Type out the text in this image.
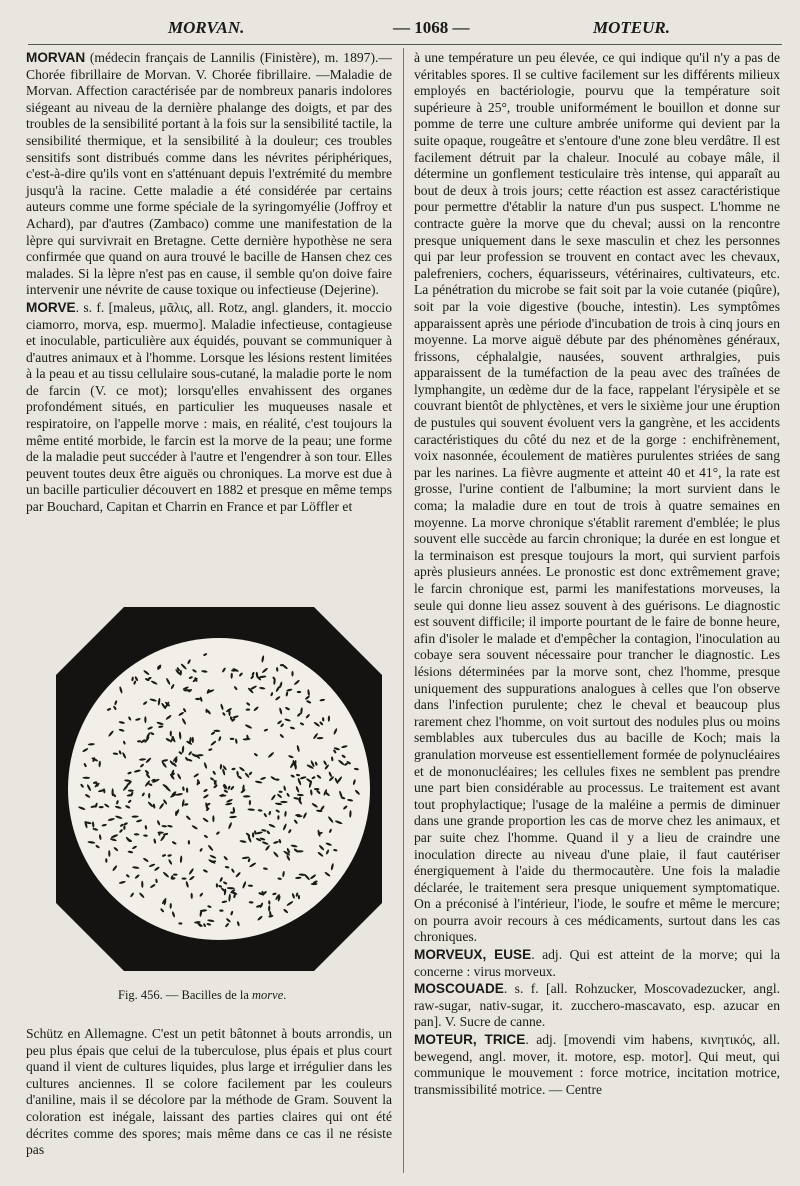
MORVAN.	— 1068 —	MOTEUR.

MORVAN (médecin français de Lannilis (Finistère), m. 1897).— Chorée fibrillaire de Morvan. V. Chorée fibrillaire. —Maladie de Morvan. Affection caractérisée par de nombreux panaris indolores siégeant au niveau de la dernière phalange des doigts, et par des troubles de la sensibilité portant à la fois sur la sensibilité tactile, la sensibilité thermique, et la sensibilité à la douleur; ces troubles sensitifs sont distribués comme dans les névrites périphériques, c'est-à-dire qu'ils vont en s'atténuant depuis l'extrémité du membre jusqu'à la racine. Cette maladie a été considérée par certains auteurs comme une forme spéciale de la syringomyélie (Joffroy et Achard), par d'autres (Zambaco) comme une manifestation de la lèpre qui survivrait en Bretagne. Cette dernière hypothèse ne sera confirmée que quand on aura trouvé le bacille de Hansen chez ces malades. Si la lèpre n'est pas en cause, il semble qu'on doive faire intervenir une névrite de cause toxique ou infectieuse (Dejerine).

MORVE. s. f. [maleus, μᾶλις, all. Rotz, angl. glanders, it. moccio ciamorro, morva, esp. muermo]. Maladie infectieuse, contagieuse et inoculable, particulière aux équidés, pouvant se communiquer à d'autres animaux et à l'homme. Lorsque les lésions restent limitées à la peau et au tissu cellulaire sous-cutané, la maladie porte le nom de farcin (V. ce mot); lorsqu'elles envahissent des organes profondément situés, en particulier les muqueuses nasale et respiratoire, on l'appelle morve : mais, en réalité, c'est toujours la même entité morbide, le farcin est la morve de la peau; une forme de la maladie peut succéder à l'autre et l'engendrer à son tour. Elles peuvent toutes deux être aiguës ou chroniques. La morve est due à un bacille particulier découvert en 1882 et presque en même temps par Bouchard, Capitan et Charrin en France et par Löffler et

Fig. 456. — Bacilles de la morve.

Schütz en Allemagne. C'est un petit bâtonnet à bouts arrondis, un peu plus épais que celui de la tuberculose, plus épais et plus court quand il vient de cultures liquides, plus large et irrégulier dans les cultures anciennes. Il se colore facilement par les couleurs d'aniline, mais il se décolore par la méthode de Gram. Souvent la coloration est inégale, laissant des parties claires qui ont été décrites comme des spores; mais même dans ce cas il ne résiste pas

à une température un peu élevée, ce qui indique qu'il n'y a pas de véritables spores. Il se cultive facilement sur les différents milieux employés en bactériologie, pourvu que la température soit supérieure à 25°, trouble uniformément le bouillon et donne sur pomme de terre une culture ambrée uniforme qui devient par la suite opaque, rougeâtre et s'entoure d'une zone bleu verdâtre. Il est facilement détruit par la chaleur. Inoculé au cobaye mâle, il détermine un gonflement testiculaire très intense, qui apparaît au bout de deux à trois jours; cette réaction est assez caractéristique pour permettre d'établir la nature d'un pus suspect. L'homme ne contracte guère la morve que du cheval; aussi on la rencontre presque uniquement dans le sexe masculin et chez les personnes qui par leur profession se trouvent en contact avec les chevaux, palefreniers, cochers, équarisseurs, vétérinaires, cultivateurs, etc. La pénétration du microbe se fait soit par la voie cutanée (piqûre), soit par la voie digestive (bouche, intestin). Les symptômes apparaissent après une période d'incubation de trois à cinq jours en moyenne. La morve aiguë débute par des phénomènes généraux, frissons, céphalalgie, nausées, souvent arthralgies, puis apparaissent de la tuméfaction de la peau avec des traînées de lymphangite, un œdème dur de la face, rappelant l'érysipèle et se couvrant bientôt de phlyctènes, et vers le sixième jour une éruption de pustules qui souvent évoluent vers la gangrène, et les accidents caractéristiques du côté du nez et de la gorge : enchifrènement, voix nasonnée, écoulement de matières purulentes striées de sang par les narines. La fièvre augmente et atteint 40 et 41°, la rate est grosse, l'urine contient de l'albumine; la mort survient dans le coma; la maladie dure en tout de trois à quatre semaines en moyenne. La morve chronique s'établit rarement d'emblée; le plus souvent elle succède au farcin chronique; la durée en est longue et la terminaison est presque toujours la mort, qui survient parfois après plusieurs années. Le pronostic est donc extrêmement grave; le farcin chronique est, parmi les manifestations morveuses, la seule qui donne lieu assez souvent à des guérisons. Le diagnostic est souvent difficile; il importe pourtant de le faire de bonne heure, afin d'isoler le malade et d'empêcher la contagion, l'inoculation au cobaye sera souvent nécessaire pour trancher le diagnostic. Les lésions déterminées par la morve sont, chez l'homme, presque uniquement des suppurations analogues à celles que l'on observe dans l'infection purulente; chez le cheval et beaucoup plus rarement chez l'homme, on voit surtout des nodules plus ou moins semblables aux tubercules dus au bacille de Koch; mais la granulation morveuse est essentiellement formée de polynucléaires et de mononucléaires; les cellules fixes ne semblent pas prendre une part bien considérable au processus. Le traitement est avant tout prophylactique; l'usage de la maléine a permis de diminuer dans une grande proportion les cas de morve chez les animaux, et par suite chez l'homme. Quand il y a lieu de craindre une inoculation directe au niveau d'une plaie, il faut cautériser énergiquement à l'aide du thermocautère. Une fois la maladie déclarée, le traitement sera presque uniquement symptomatique. On a préconisé à l'intérieur, l'iode, le soufre et même le mercure; on pourra avoir recours à ces médicaments, surtout dans les cas chroniques.

MORVEUX, EUSE. adj. Qui est atteint de la morve; qui la concerne : virus morveux.

MOSCOUADE. s. f. [all. Rohzucker, Moscovadezucker, angl. raw-sugar, nativ-sugar, it. zucchero-mascavato, esp. azucar en pan]. V. Sucre de canne.

MOTEUR, TRICE. adj. [movendi vim habens, κινητικός, all. bewegend, angl. mover, it. motore, esp. motor]. Qui meut, qui communique le mouvement : force motrice, incitation motrice, transmissibilité motrice. — Centre
